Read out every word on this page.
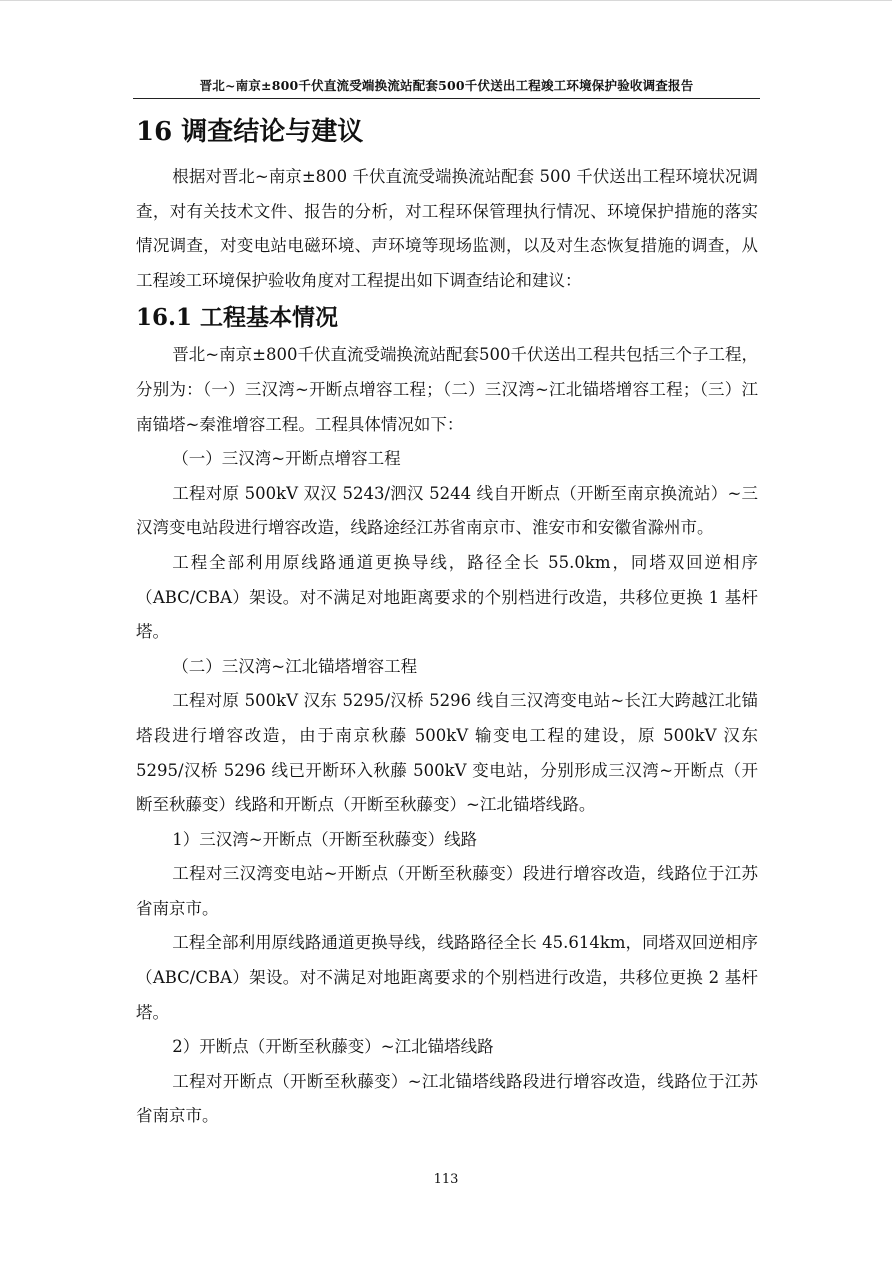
晋北~南京±800千伏直流受端换流站配套500千伏送出工程竣工环境保护验收调查报告
16 调查结论与建议

根据对晋北~南京±800 千伏直流受端换流站配套 500 千伏送出工程环境状况调查，对有关技术文件、报告的分析，对工程环保管理执行情况、环境保护措施的落实情况调查，对变电站电磁环境、声环境等现场监测，以及对生态恢复措施的调查，从工程竣工环境保护验收角度对工程提出如下调查结论和建议：

16.1 工程基本情况

晋北~南京±800千伏直流受端换流站配套500千伏送出工程共包括三个子工程，分别为：（一）三汉湾~开断点增容工程；（二）三汉湾~江北锚塔增容工程；（三）江南锚塔~秦淮增容工程。工程具体情况如下：

（一）三汉湾~开断点增容工程

工程对原 500kV 双汉 5243/泗汉 5244 线自开断点（开断至南京换流站）~三汉湾变电站段进行增容改造，线路途经江苏省南京市、淮安市和安徽省滁州市。

工程全部利用原线路通道更换导线，路径全长 55.0km，同塔双回逆相序（ABC/CBA）架设。对不满足对地距离要求的个别档进行改造，共移位更换 1 基杆塔。

（二）三汉湾~江北锚塔增容工程

工程对原 500kV 汉东 5295/汉桥 5296 线自三汉湾变电站~长江大跨越江北锚塔段进行增容改造，由于南京秋藤 500kV 输变电工程的建设，原 500kV 汉东 5295/汉桥 5296 线已开断环入秋藤 500kV 变电站，分别形成三汉湾~开断点（开断至秋藤变）线路和开断点（开断至秋藤变）~江北锚塔线路。

1）三汉湾~开断点（开断至秋藤变）线路

工程对三汉湾变电站~开断点（开断至秋藤变）段进行增容改造，线路位于江苏省南京市。

工程全部利用原线路通道更换导线，线路路径全长 45.614km，同塔双回逆相序（ABC/CBA）架设。对不满足对地距离要求的个别档进行改造，共移位更换 2 基杆塔。

2）开断点（开断至秋藤变）~江北锚塔线路

工程对开断点（开断至秋藤变）~江北锚塔线路段进行增容改造，线路位于江苏省南京市。

113
